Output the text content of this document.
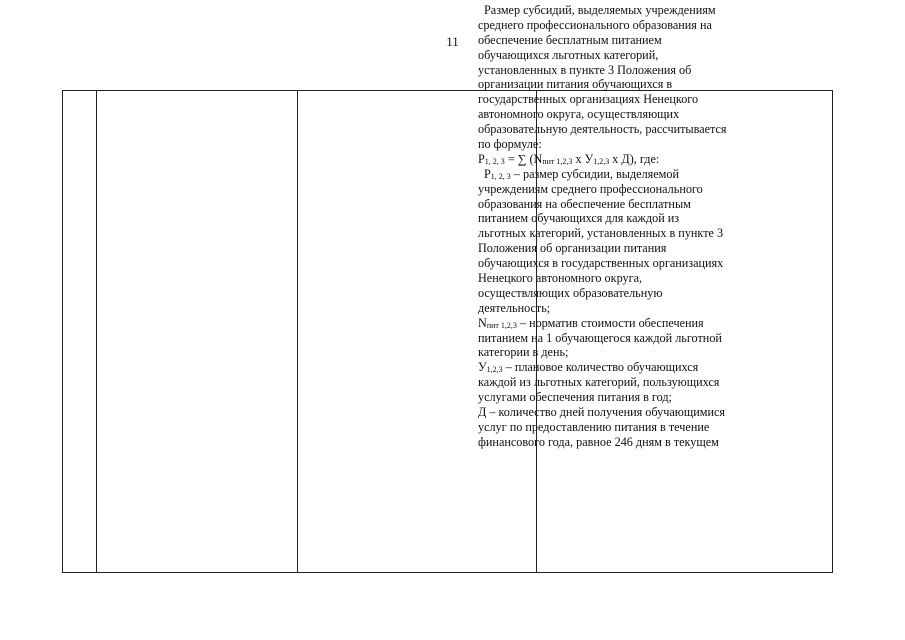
11
Размер субсидий, выделяемых учреждениям
среднего профессионального образования на
обеспечение бесплатным питанием
обучающихся льготных категорий,
установленных в пункте 3 Положения об
организации питания обучающихся в
государственных организациях Ненецкого
автономного округа, осуществляющих
образовательную деятельность, рассчитывается
по формуле:
$Р_{1, 2, 3}$ = ∑ ($N_{пит 1,2,3}$ х $У_{1,2,3}$ х Д), где:
$Р_{1, 2, 3}$ – размер субсидии, выделяемой
учреждениям среднего профессионального
образования на обеспечение бесплатным
питанием обучающихся для каждой из
льготных категорий, установленных в пункте 3
Положения об организации питания
обучающихся в государственных организациях
Ненецкого автономного округа,
осуществляющих образовательную
деятельность;
$N_{пит 1,2,3}$ – норматив стоимости обеспечения
питанием на 1 обучающегося каждой льготной
категории в день;
$У_{1,2,3}$ – плановое количество обучающихся
каждой из льготных категорий, пользующихся
услугами обеспечения питания в год;
Д – количество дней получения обучающимися
услуг по предоставлению питания в течение
финансового года, равное 246 дням в текущем
